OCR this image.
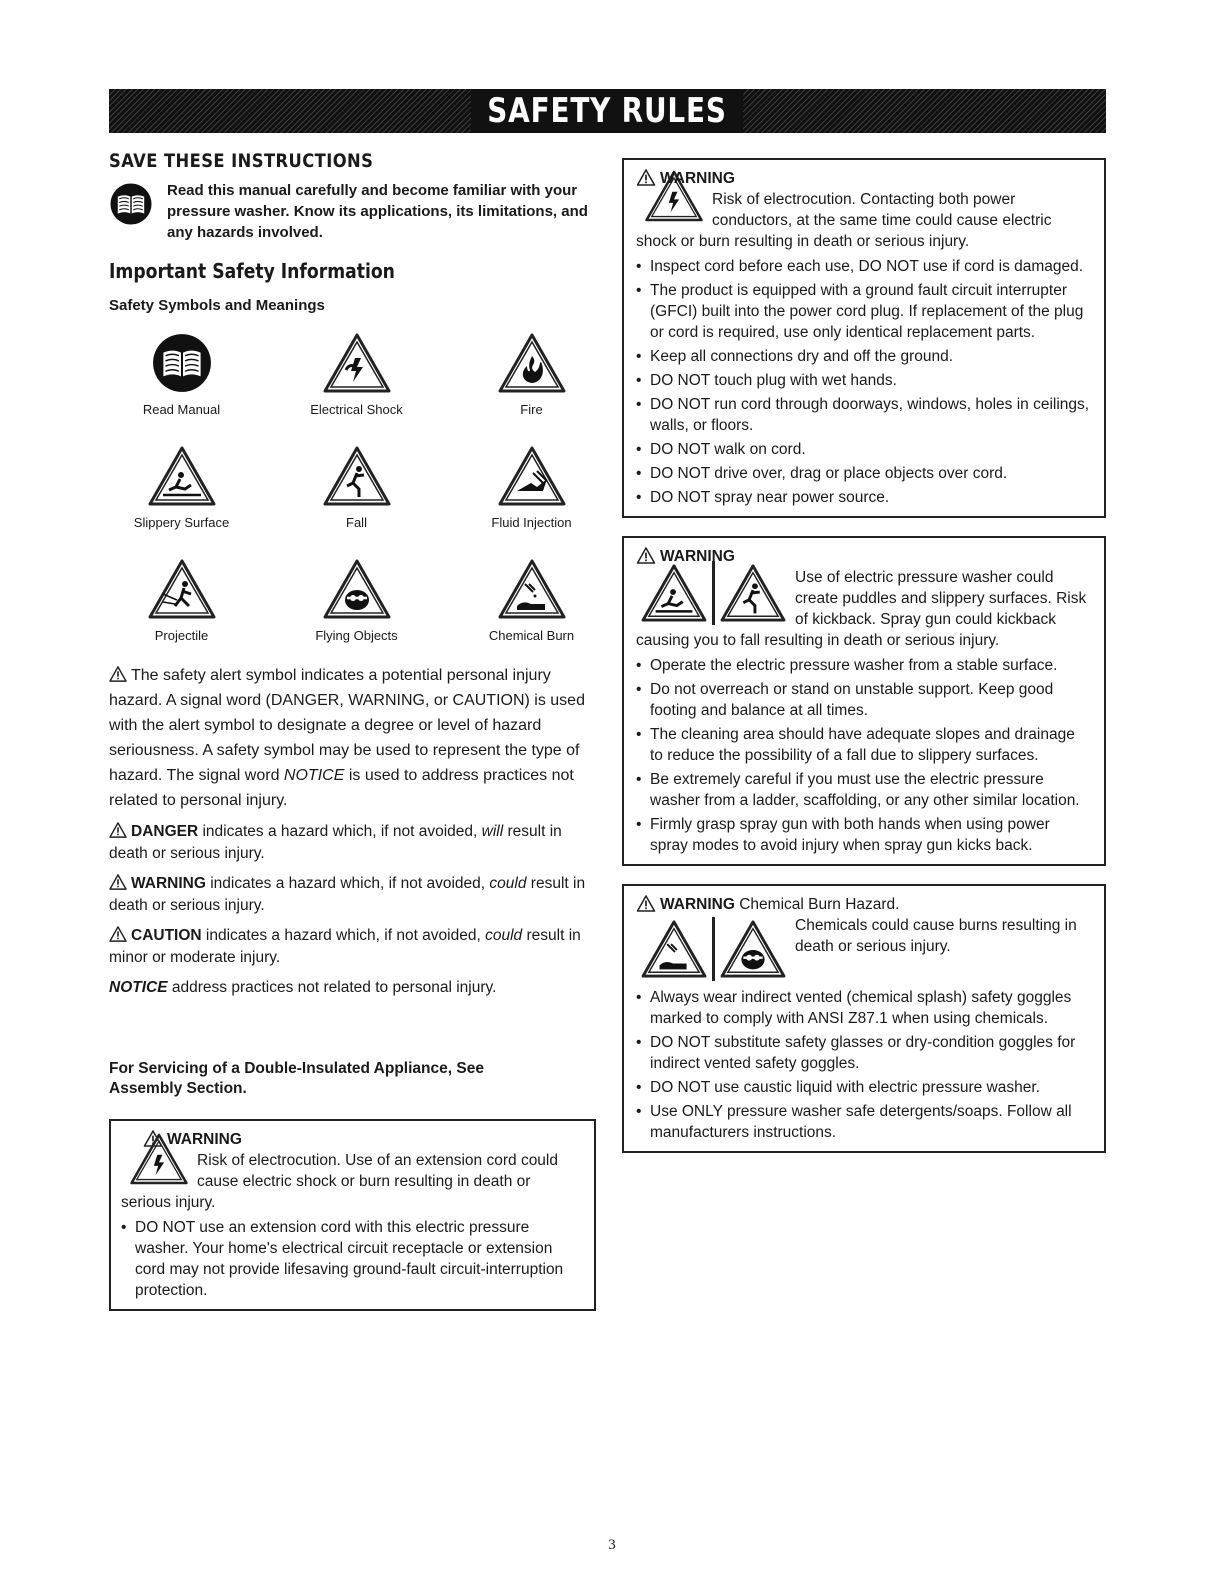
SAFETY RULES
SAVE THESE INSTRUCTIONS
Read this manual carefully and become familiar with your pressure washer. Know its applications, its limitations, and any hazards involved.
Important Safety Information
Safety Symbols and Meanings
Read Manual	Electrical Shock	Fire
Slippery Surface	Fall	Fluid Injection
Projectile	Flying Objects	Chemical Burn
The safety alert symbol indicates a potential personal injury hazard. A signal word (DANGER, WARNING, or CAUTION) is used with the alert symbol to designate a degree or level of hazard seriousness. A safety symbol may be used to represent the type of hazard. The signal word NOTICE is used to address practices not related to personal injury.
DANGER indicates a hazard which, if not avoided, will result in death or serious injury.
WARNING indicates a hazard which, if not avoided, could result in death or serious injury.
CAUTION indicates a hazard which, if not avoided, could result in minor or moderate injury.
NOTICE address practices not related to personal injury.
For Servicing of a Double-Insulated Appliance, See Assembly Section.
WARNING
Risk of electrocution. Use of an extension cord could cause electric shock or burn resulting in death or serious injury.
• DO NOT use an extension cord with this electric pressure washer. Your home's electrical circuit receptacle or extension cord may not provide lifesaving ground-fault circuit-interruption protection.
WARNING
Risk of electrocution. Contacting both power conductors, at the same time could cause electric shock or burn resulting in death or serious injury.
• Inspect cord before each use, DO NOT use if cord is damaged.
• The product is equipped with a ground fault circuit interrupter (GFCI) built into the power cord plug. If replacement of the plug or cord is required, use only identical replacement parts.
• Keep all connections dry and off the ground.
• DO NOT touch plug with wet hands.
• DO NOT run cord through doorways, windows, holes in ceilings, walls, or floors.
• DO NOT walk on cord.
• DO NOT drive over, drag or place objects over cord.
• DO NOT spray near power source.
WARNING
Use of electric pressure washer could create puddles and slippery surfaces. Risk of kickback. Spray gun could kickback causing you to fall resulting in death or serious injury.
• Operate the electric pressure washer from a stable surface.
• Do not overreach or stand on unstable support. Keep good footing and balance at all times.
• The cleaning area should have adequate slopes and drainage to reduce the possibility of a fall due to slippery surfaces.
• Be extremely careful if you must use the electric pressure washer from a ladder, scaffolding, or any other similar location.
• Firmly grasp spray gun with both hands when using power spray modes to avoid injury when spray gun kicks back.
WARNING Chemical Burn Hazard.
Chemicals could cause burns resulting in death or serious injury.
• Always wear indirect vented (chemical splash) safety goggles marked to comply with ANSI Z87.1 when using chemicals.
• DO NOT substitute safety glasses or dry-condition goggles for indirect vented safety goggles.
• DO NOT use caustic liquid with electric pressure washer.
• Use ONLY pressure washer safe detergents/soaps. Follow all manufacturers instructions.
3
